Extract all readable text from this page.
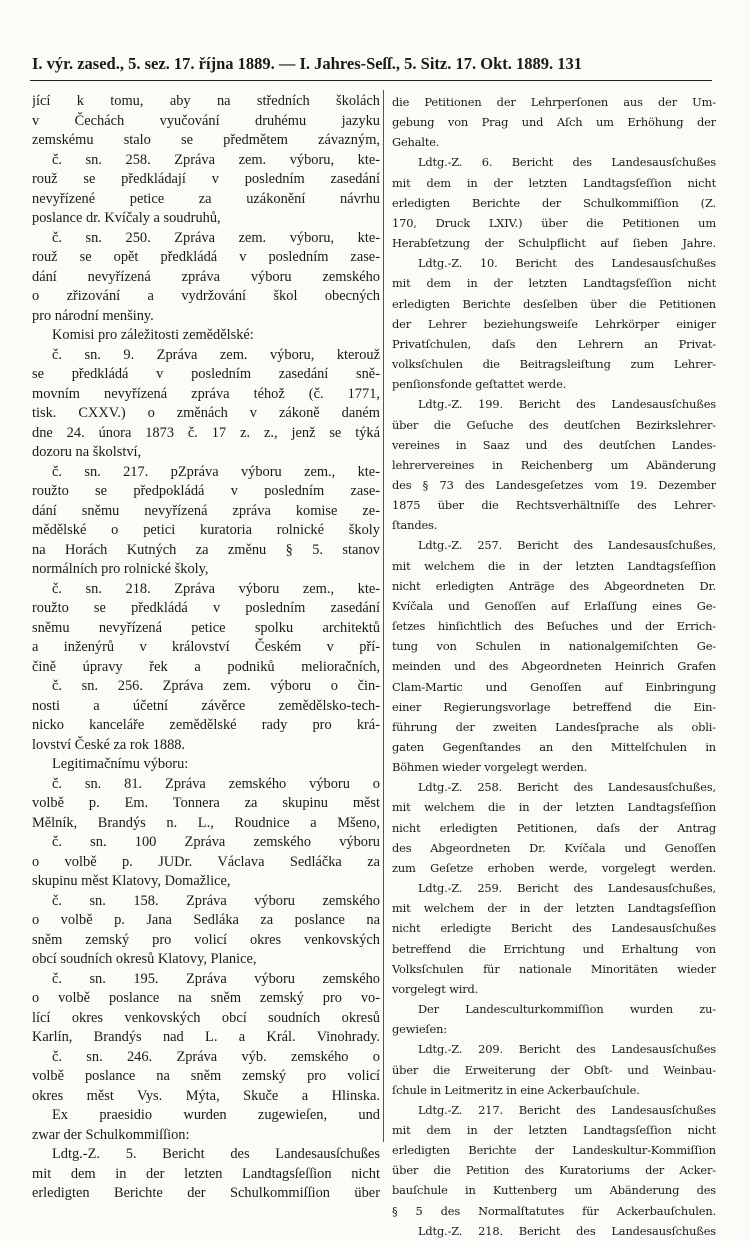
I. výr. zased., 5. sez. 17. října 1889. — I. Jahres-Seſſ., 5. Sitz. 17. Okt. 1889. 131
jící k tomu, aby na středních školách
v Čechách vyučování druhému jazyku
zemskému stalo se předmětem závazným,
č. sn. 258. Zpráva zem. výboru, kte-
rouž se předkládají v posledním zasedání
nevyřízené petice za uzákonění návrhu
poslance dr. Kvíčaly a soudruhů,
č. sn. 250. Zpráva zem. výboru, kte-
rouž se opět předkládá v posledním zase-
dání nevyřízená zpráva výboru zemského
o zřizování a vydržování škol obecných
pro národní menšiny.
Komisi pro záležitosti zemědělské:
č. sn. 9. Zpráva zem. výboru, kterouž
se předkládá v posledním zasedání sně-
movním nevyřízená zpráva téhož (č. 1771,
tisk. CXXV.) o změnách v zákoně daném
dne 24. února 1873 č. 17 z. z., jenž se týká
dozoru na školství,
č. sn. 217. pZpráva výboru zem., kte-
roužto se předpokládá v posledním zase-
dání sněmu nevyřízená zpráva komise ze-
mědělské o petici kuratoria rolnické školy
na Horách Kutných za změnu § 5. stanov
normálních pro rolnické školy,
č. sn. 218. Zpráva výboru zem., kte-
roužto se předkládá v posledním zasedání
sněmu nevyřízená petice spolku architektů
a inženýrů v království Českém v pří-
čině úpravy řek a podniků melioračních,
č. sn. 256. Zpráva zem. výboru o čin-
nosti a účetní závěrce zemědělsko-tech-
nicko kanceláře zemědělské rady pro krá-
lovství České za rok 1888.
Legitimačnímu výboru:
č. sn. 81. Zpráva zemského výboru o
volbě p. Em. Tonnera za skupinu měst
Mělník, Brandýs n. L., Roudnice a Mšeno,
č. sn. 100 Zpráva zemského výboru
o volbě p. JUDr. Václava Sedláčka za
skupinu měst Klatovy, Domažlice,
č. sn. 158. Zpráva výboru zemského
o volbě p. Jana Sedláka za poslance na
sněm zemský pro volicí okres venkovských
obcí soudních okresů Klatovy, Planice,
č. sn. 195. Zpráva výboru zemského
o volbě poslance na sněm zemský pro vo-
lící okres venkovských obcí soudních okresů
Karlín, Brandýs nad L. a Král. Vinohrady.
č. sn. 246. Zpráva výb. zemského o
volbě poslance na sněm zemský pro volicí
okres měst Vys. Mýta, Skuče a Hlinska.
Ex praesidio wurden zugewieſen, und
zwar der Schulkommiſſion:
Ldtg.-Z. 5. Bericht des Landesausſchußes
mit dem in der letzten Landtagsſeſſion nicht
erledigten Berichte der Schulkommiſſion über
die Petitionen der Lehrperſonen aus der Um-
gebung von Prag und Aſch um Erhöhung der
Gehalte.
Ldtg.-Z. 6. Bericht des Landesausſchußes
mit dem in der letzten Landtagsſeſſion nicht
erledigten Berichte der Schulkommiſſion (Z.
170, Druck LXIV.) über die Petitionen um
Herabſetzung der Schulpflicht auf ſieben Jahre.
Ldtg.-Z. 10. Bericht des Landesausſchußes
mit dem in der letzten Landtagsſeſſion nicht
erledigten Berichte desſelben über die Petitionen
der Lehrer beziehungsweiſe Lehrkörper einiger
Privatſchulen, daſs den Lehrern an Privat-
volksſchulen die Beitragsleiſtung zum Lehrer-
penſionsfonde geſtattet werde.
Ldtg.-Z. 199. Bericht des Landesausſchußes
über die Geſuche des deutſchen Bezirkslehrer-
vereines in Saaz und des deutſchen Landes-
lehrervereines in Reichenberg um Abänderung
des § 73 des Landesgeſetzes vom 19. Dezember
1875 über die Rechtsverhältniſſe des Lehrer-
ſtandes.
Ldtg.-Z. 257. Bericht des Landesausſchußes,
mit welchem die in der letzten Landtagsſeſſion
nicht erledigten Anträge des Abgeordneten Dr.
Kvíčala und Genoſſen auf Erlaſſung eines Ge-
ſetzes hinſichtlich des Beſuches und der Errich-
tung von Schulen in nationalgemiſchten Ge-
meinden und des Abgeordneten Heinrich Grafen
Clam-Martic und Genoſſen auf Einbringung
einer Regierungsvorlage betreffend die Ein-
führung der zweiten Landesſprache als obli-
gaten Gegenſtandes an den Mittelſchulen in
Böhmen wieder vorgelegt werden.
Ldtg.-Z. 258. Bericht des Landesausſchußes,
mit welchem die in der letzten Landtagsſeſſion
nicht erledigten Petitionen, daſs der Antrag
des Abgeordneten Dr. Kvíčala und Genoſſen
zum Geſetze erhoben werde, vorgelegt werden.
Ldtg.-Z. 259. Bericht des Landesausſchußes,
mit welchem der in der letzten Landtagsſeſſion
nicht erledigte Bericht des Landesausſchußes
betreffend die Errichtung und Erhaltung von
Volksſchulen für nationale Minoritäten wieder
vorgelegt wird.
Der Landesculturkommiſſion wurden zu-
gewieſen:
Ldtg.-Z. 209. Bericht des Landesausſchußes
über die Erweiterung der Obſt- und Weinbau-
ſchule in Leitmeritz in eine Ackerbauſchule.
Ldtg.-Z. 217. Bericht des Landesausſchußes
mit dem in der letzten Landtagsſeſſion nicht
erledigten Berichte der Landeskultur-Kommiſſion
über die Petition des Kuratoriums der Acker-
bauſchule in Kuttenberg um Abänderung des
§ 5 des Normalſtatutes für Ackerbauſchulen.
Ldtg.-Z. 218. Bericht des Landesausſchußes
